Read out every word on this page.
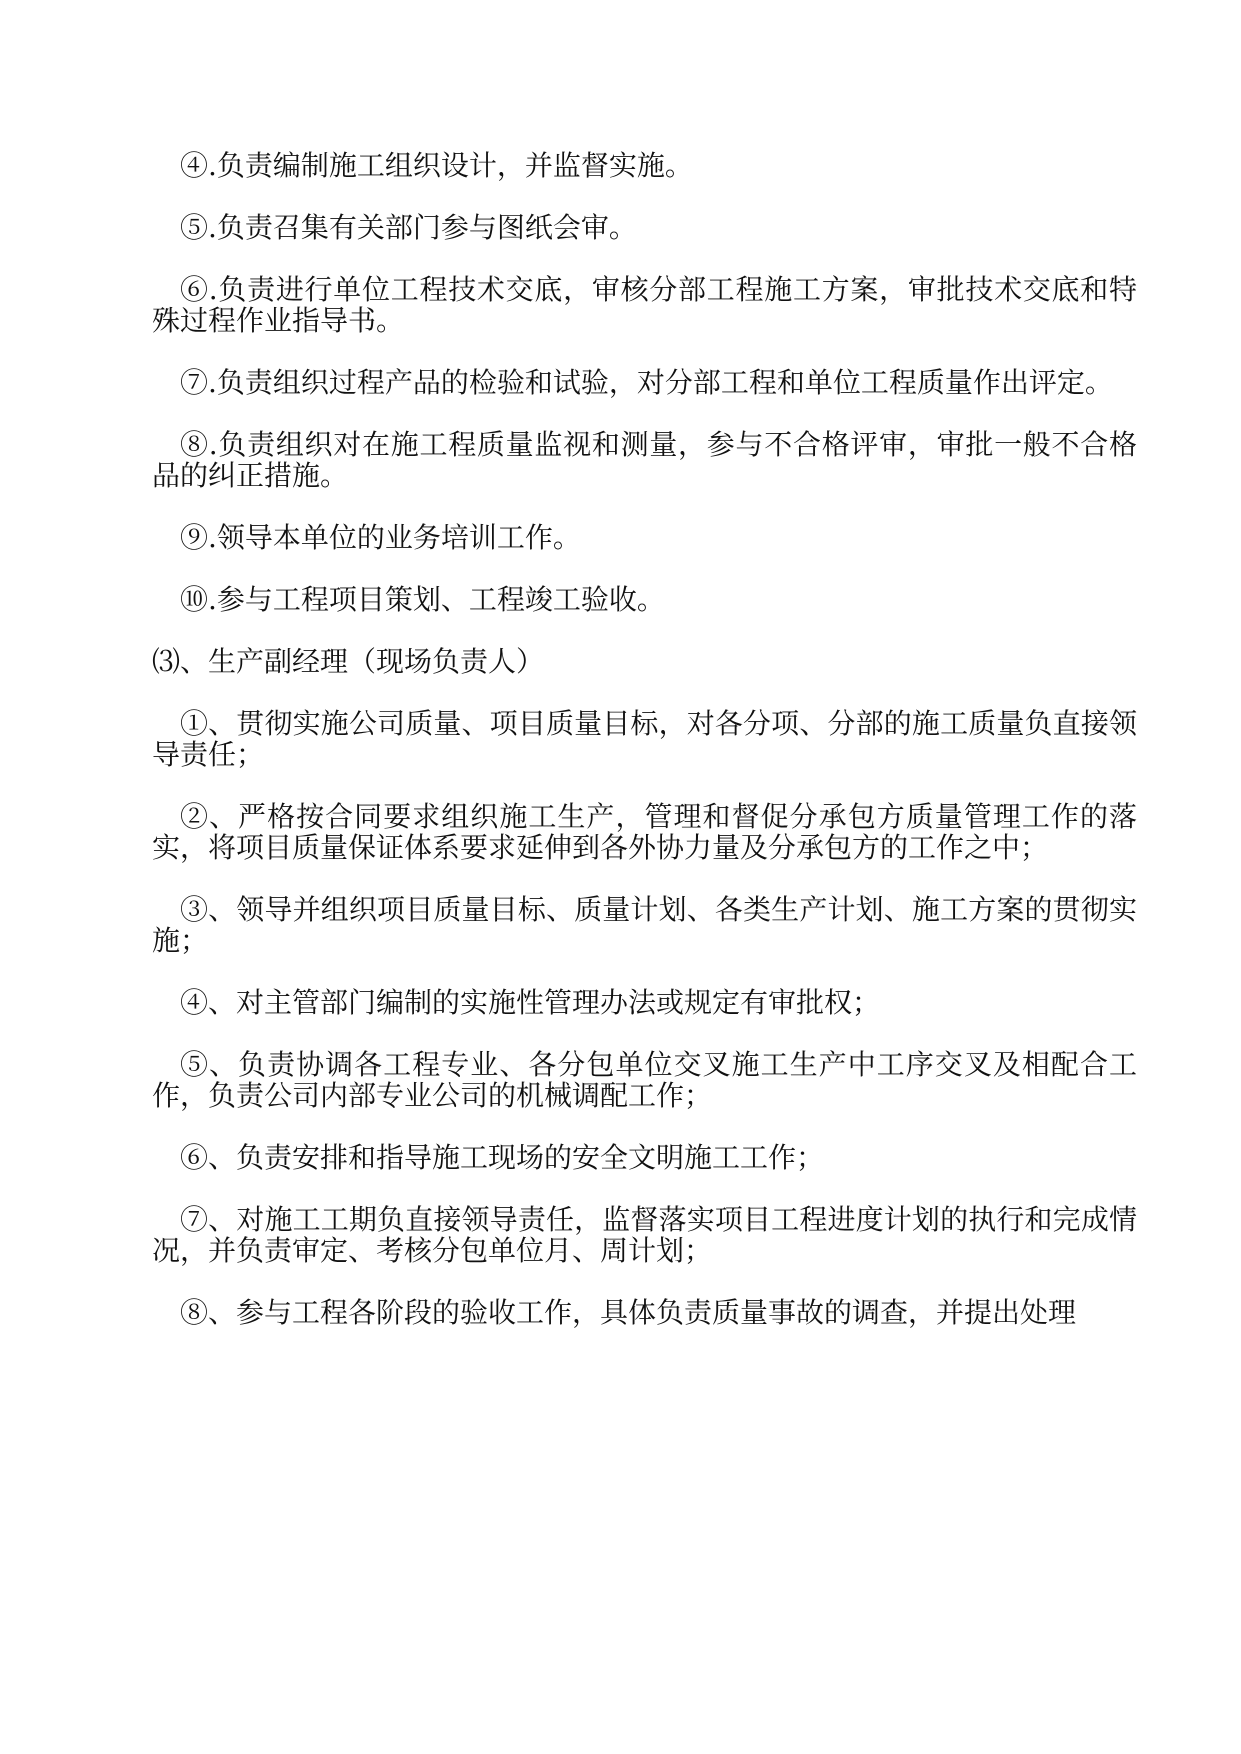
④.负责编制施工组织设计，并监督实施。

⑤.负责召集有关部门参与图纸会审。

⑥.负责进行单位工程技术交底，审核分部工程施工方案，审批技术交底和特殊过程作业指导书。

⑦.负责组织过程产品的检验和试验，对分部工程和单位工程质量作出评定。

⑧.负责组织对在施工程质量监视和测量，参与不合格评审，审批一般不合格品的纠正措施。

⑨.领导本单位的业务培训工作。

⑩.参与工程项目策划、工程竣工验收。

⑶、生产副经理（现场负责人）

①、贯彻实施公司质量、项目质量目标，对各分项、分部的施工质量负直接领导责任；

②、严格按合同要求组织施工生产，管理和督促分承包方质量管理工作的落实，将项目质量保证体系要求延伸到各外协力量及分承包方的工作之中；

③、领导并组织项目质量目标、质量计划、各类生产计划、施工方案的贯彻实施；

④、对主管部门编制的实施性管理办法或规定有审批权；

⑤、负责协调各工程专业、各分包单位交叉施工生产中工序交叉及相配合工作，负责公司内部专业公司的机械调配工作；

⑥、负责安排和指导施工现场的安全文明施工工作；

⑦、对施工工期负直接领导责任，监督落实项目工程进度计划的执行和完成情况，并负责审定、考核分包单位月、周计划；

⑧、参与工程各阶段的验收工作，具体负责质量事故的调查，并提出处理
